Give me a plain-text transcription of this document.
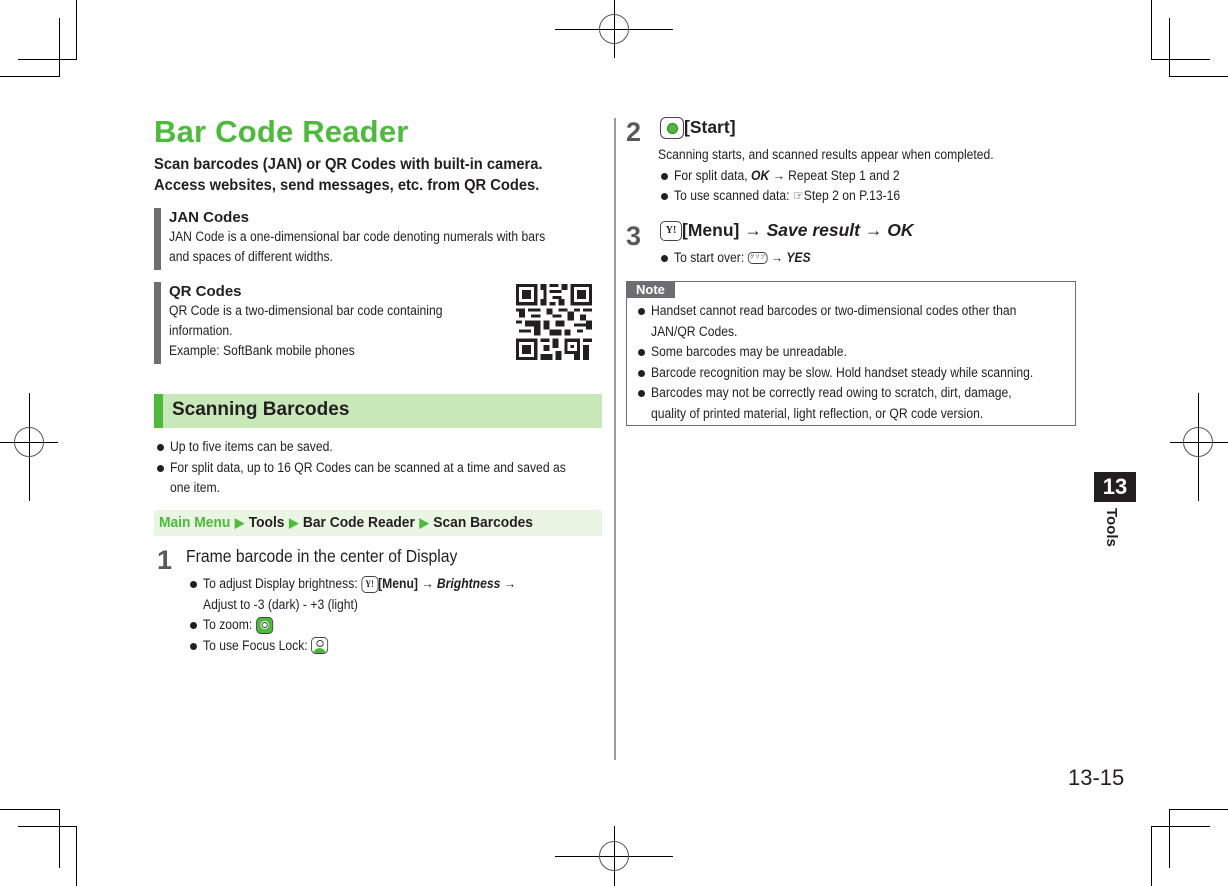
Bar Code Reader
Scan barcodes (JAN) or QR Codes with built-in camera.
Access websites, send messages, etc. from QR Codes.
JAN Codes
JAN Code is a one-dimensional bar code denoting numerals with bars
and spaces of different widths.
QR Codes
QR Code is a two-dimensional bar code containing
information.
Example: SoftBank mobile phones
Scanning Barcodes
Up to five items can be saved.
For split data, up to 16 QR Codes can be scanned at a time and saved as
one item.
Main Menu ▶ Tools ▶ Bar Code Reader ▶ Scan Barcodes
1 Frame barcode in the center of Display
To adjust Display brightness: Y! [Menu] → Brightness →
Adjust to -3 (dark) - +3 (light)
To zoom:
To use Focus Lock:
2	[Start]
Scanning starts, and scanned results appear when completed.
For split data, OK → Repeat Step 1 and 2
To use scanned data: ☞Step 2 on P.13-16
3	Y! [Menu] → Save result → OK
To start over: クリア → YES
Note
Handset cannot read barcodes or two-dimensional codes other than
JAN/QR Codes.
Some barcodes may be unreadable.
Barcode recognition may be slow. Hold handset steady while scanning.
Barcodes may not be correctly read owing to scratch, dirt, damage,
quality of printed material, light reflection, or QR code version.
13
Tools
13-15
